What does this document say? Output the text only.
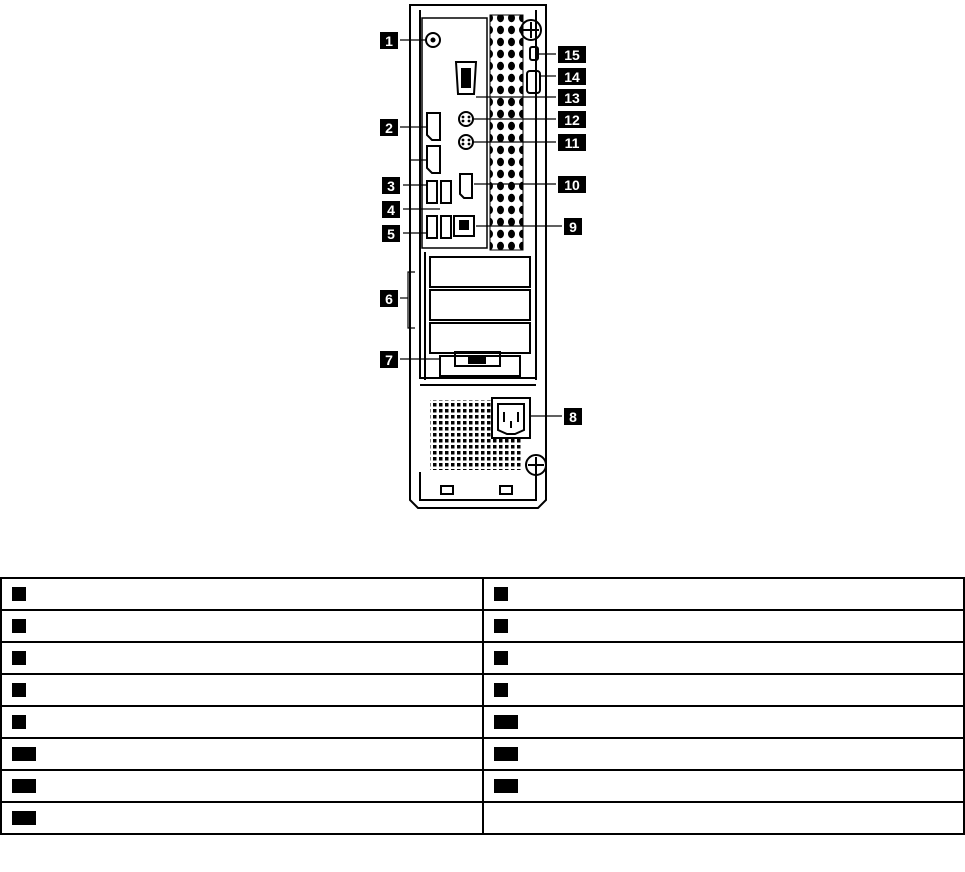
1
2
3
4
5
6
7
8
9
10
11
12
13
14
15
1	2
3	4
5	6
7	8
9	10
11	12
13	14
15	
